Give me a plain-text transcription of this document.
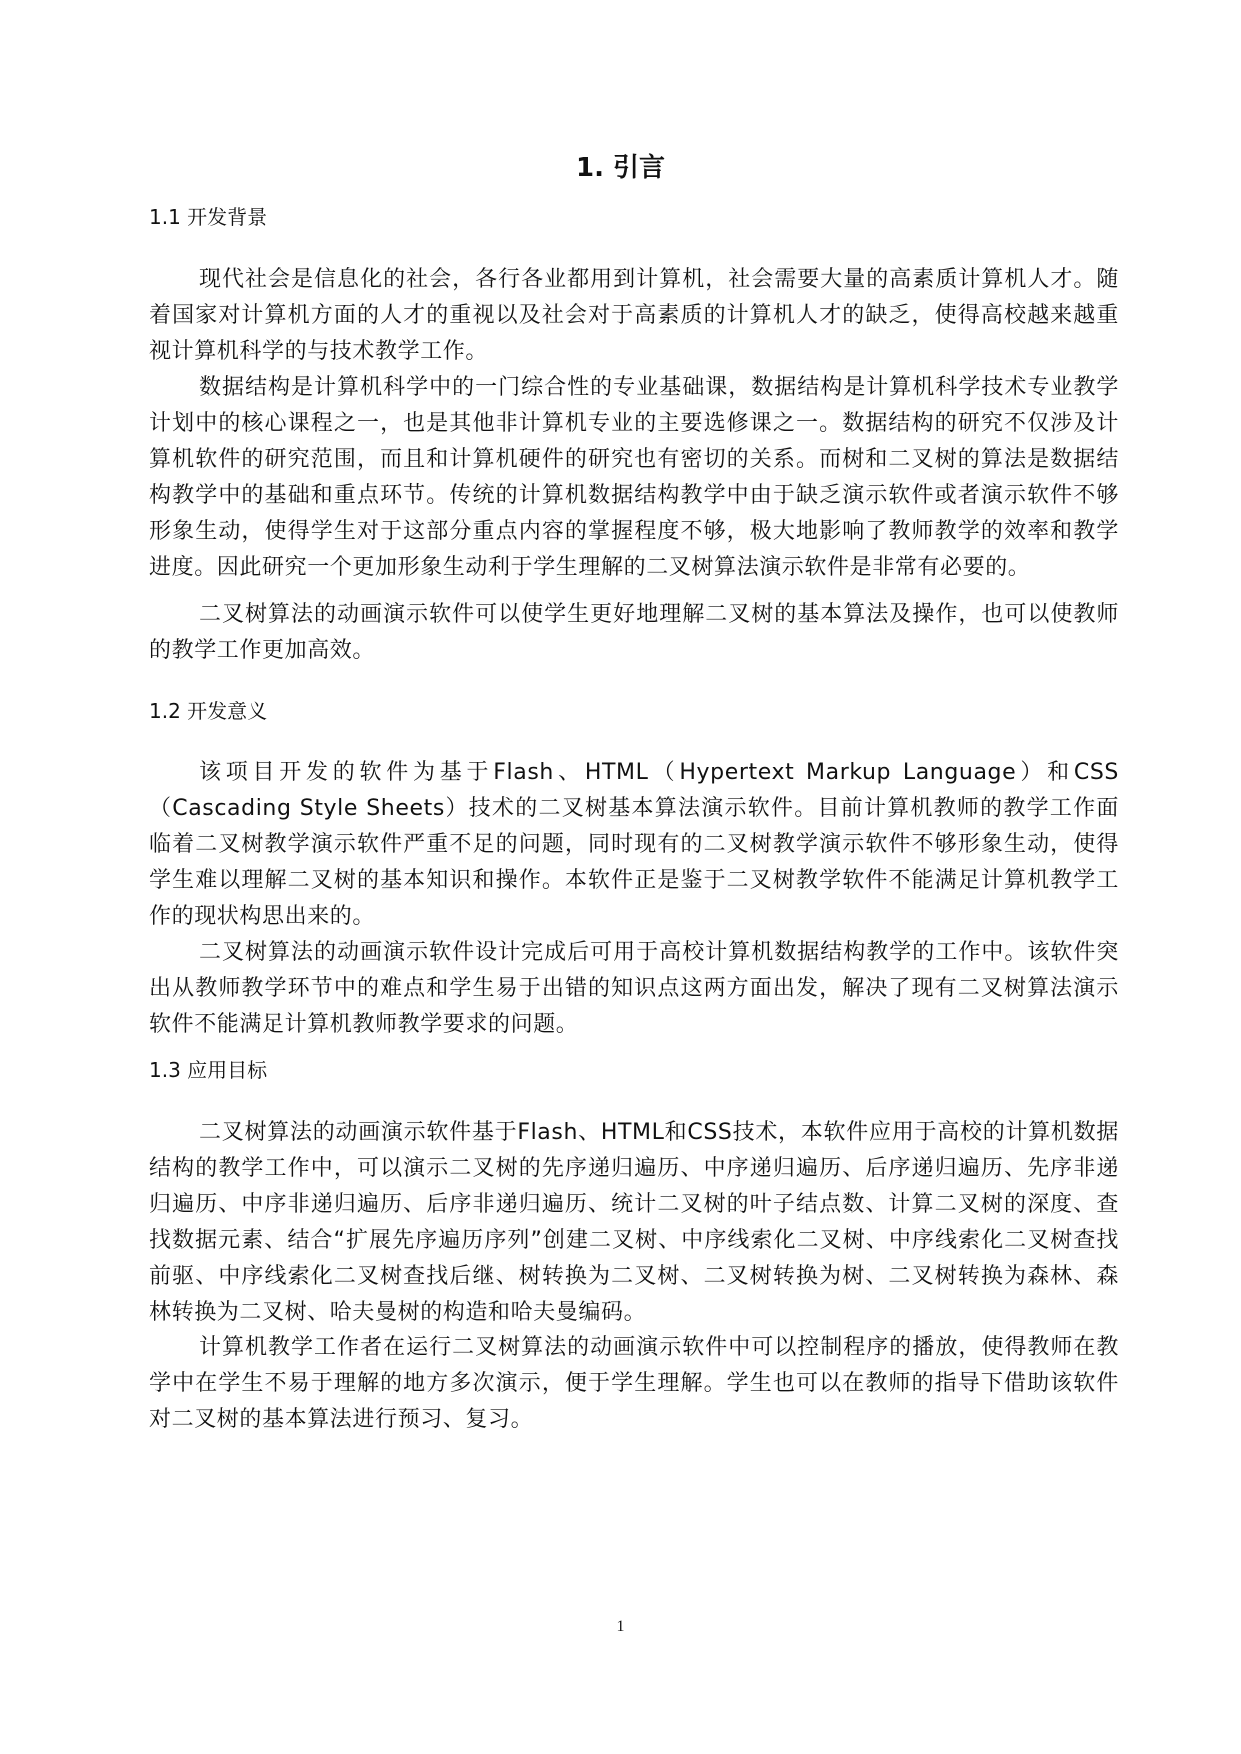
1. 引言
1.1 开发背景

现代社会是信息化的社会，各行各业都用到计算机，社会需要大量的高素质计算机人才。随着国家对计算机方面的人才的重视以及社会对于高素质的计算机人才的缺乏，使得高校越来越重视计算机科学的与技术教学工作。

数据结构是计算机科学中的一门综合性的专业基础课，数据结构是计算机科学技术专业教学计划中的核心课程之一，也是其他非计算机专业的主要选修课之一。数据结构的研究不仅涉及计算机软件的研究范围，而且和计算机硬件的研究也有密切的关系。而树和二叉树的算法是数据结构教学中的基础和重点环节。传统的计算机数据结构教学中由于缺乏演示软件或者演示软件不够形象生动，使得学生对于这部分重点内容的掌握程度不够，极大地影响了教师教学的效率和教学进度。因此研究一个更加形象生动利于学生理解的二叉树算法演示软件是非常有必要的。

二叉树算法的动画演示软件可以使学生更好地理解二叉树的基本算法及操作，也可以使教师的教学工作更加高效。

1.2 开发意义

该项目开发的软件为基于Flash、HTML（Hypertext Markup Language）和CSS（Cascading Style Sheets）技术的二叉树基本算法演示软件。目前计算机教师的教学工作面临着二叉树教学演示软件严重不足的问题，同时现有的二叉树教学演示软件不够形象生动，使得学生难以理解二叉树的基本知识和操作。本软件正是鉴于二叉树教学软件不能满足计算机教学工作的现状构思出来的。

二叉树算法的动画演示软件设计完成后可用于高校计算机数据结构教学的工作中。该软件突出从教师教学环节中的难点和学生易于出错的知识点这两方面出发，解决了现有二叉树算法演示软件不能满足计算机教师教学要求的问题。

1.3 应用目标

二叉树算法的动画演示软件基于Flash、HTML和CSS技术，本软件应用于高校的计算机数据结构的教学工作中，可以演示二叉树的先序递归遍历、中序递归遍历、后序递归遍历、先序非递归遍历、中序非递归遍历、后序非递归遍历、统计二叉树的叶子结点数、计算二叉树的深度、查找数据元素、结合“扩展先序遍历序列”创建二叉树、中序线索化二叉树、中序线索化二叉树查找前驱、中序线索化二叉树查找后继、树转换为二叉树、二叉树转换为树、二叉树转换为森林、森林转换为二叉树、哈夫曼树的构造和哈夫曼编码。

计算机教学工作者在运行二叉树算法的动画演示软件中可以控制程序的播放，使得教师在教学中在学生不易于理解的地方多次演示，便于学生理解。学生也可以在教师的指导下借助该软件对二叉树的基本算法进行预习、复习。

1
